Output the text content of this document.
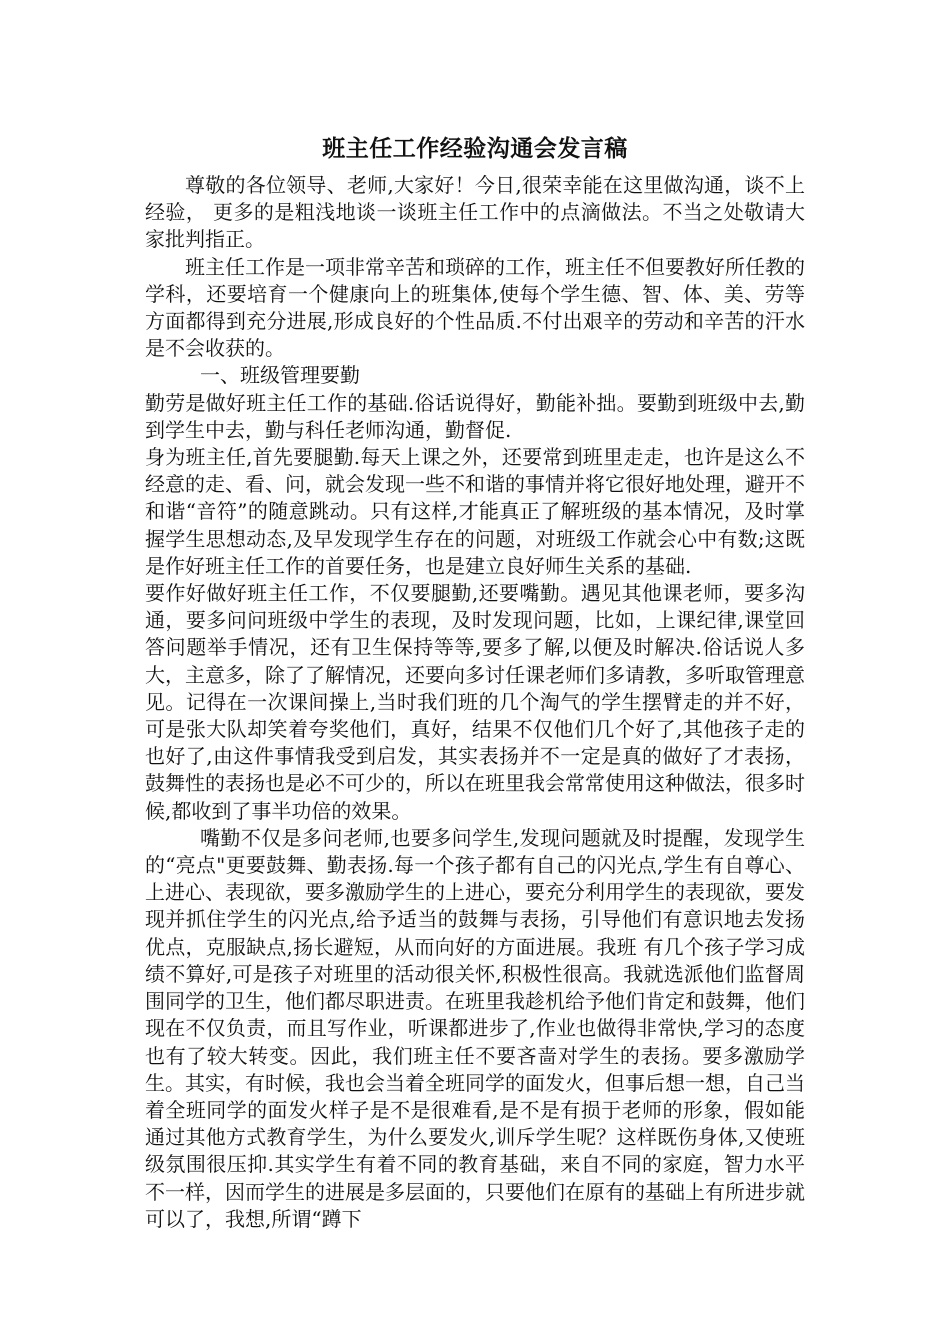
班主任工作经验沟通会发言稿

尊敬的各位领导、老师,大家好！今日,很荣幸能在这里做沟通，谈不上经验， 更多的是粗浅地谈一谈班主任工作中的点滴做法。不当之处敬请大家批判指正。

班主任工作是一项非常辛苦和琐碎的工作，班主任不但要教好所任教的学科，还要培育一个健康向上的班集体,使每个学生德、智、体、美、劳等方面都得到充分进展,形成良好的个性品质.不付出艰辛的劳动和辛苦的汗水是不会收获的。

一、班级管理要勤

勤劳是做好班主任工作的基础.俗话说得好，勤能补拙。要勤到班级中去,勤到学生中去，勤与科任老师沟通，勤督促.

身为班主任,首先要腿勤.每天上课之外，还要常到班里走走，也许是这么不经意的走、看、问，就会发现一些不和谐的事情并将它很好地处理，避开不和谐“音符”的随意跳动。只有这样,才能真正了解班级的基本情况，及时掌握学生思想动态,及早发现学生存在的问题，对班级工作就会心中有数;这既是作好班主任工作的首要任务，也是建立良好师生关系的基础.

要作好做好班主任工作，不仅要腿勤,还要嘴勤。遇见其他课老师，要多沟通，要多问问班级中学生的表现，及时发现问题，比如，上课纪律,课堂回答问题举手情况，还有卫生保持等等,要多了解,以便及时解决.俗话说人多大，主意多，除了了解情况，还要向多讨任课老师们多请教，多听取管理意见。记得在一次课间操上,当时我们班的几个淘气的学生摆臂走的并不好，可是张大队却笑着夸奖他们，真好，结果不仅他们几个好了,其他孩子走的也好了,由这件事情我受到启发，其实表扬并不一定是真的做好了才表扬，鼓舞性的表扬也是必不可少的，所以在班里我会常常使用这种做法，很多时候,都收到了事半功倍的效果。

嘴勤不仅是多问老师,也要多问学生,发现问题就及时提醒，发现学生的“亮点"更要鼓舞、勤表扬.每一个孩子都有自己的闪光点,学生有自尊心、上进心、表现欲，要多激励学生的上进心，要充分利用学生的表现欲，要发现并抓住学生的闪光点,给予适当的鼓舞与表扬，引导他们有意识地去发扬优点，克服缺点,扬长避短，从而向好的方面进展。我班 有几个孩子学习成绩不算好,可是孩子对班里的活动很关怀,积极性很高。我就选派他们监督周围同学的卫生，他们都尽职进责。在班里我趁机给予他们肯定和鼓舞，他们现在不仅负责，而且写作业，听课都进步了,作业也做得非常快,学习的态度也有了较大转变。因此，我们班主任不要吝啬对学生的表扬。要多激励学生。其实，有时候，我也会当着全班同学的面发火，但事后想一想，自己当着全班同学的面发火样子是不是很难看,是不是有损于老师的形象，假如能通过其他方式教育学生，为什么要发火,训斥学生呢？这样既伤身体,又使班级氛围很压抑.其实学生有着不同的教育基础，来自不同的家庭，智力水平不一样，因而学生的进展是多层面的，只要他们在原有的基础上有所进步就可以了，我想,所谓“蹲下
